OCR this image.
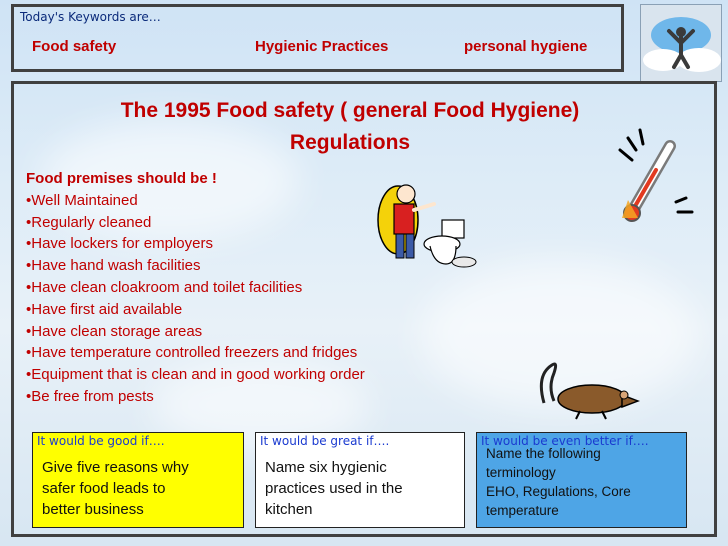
Today's Keywords are…
Food safety	Hygienic Practices	personal hygiene
The 1995 Food safety ( general Food Hygiene)
Regulations
Food premises should be !
•Well Maintained
•Regularly cleaned
•Have lockers for employers
•Have hand wash facilities
•Have clean cloakroom and toilet facilities
•Have first aid available
•Have clean storage areas
•Have temperature controlled freezers and fridges
•Equipment that is clean and in good working order
•Be free from pests
It would be good if….
Give five reasons why
safer food leads to
better business
It would be great if….
Name six hygienic
practices used in the
kitchen
It would be even better if….
Name the following
terminology
EHO, Regulations, Core
temperature
